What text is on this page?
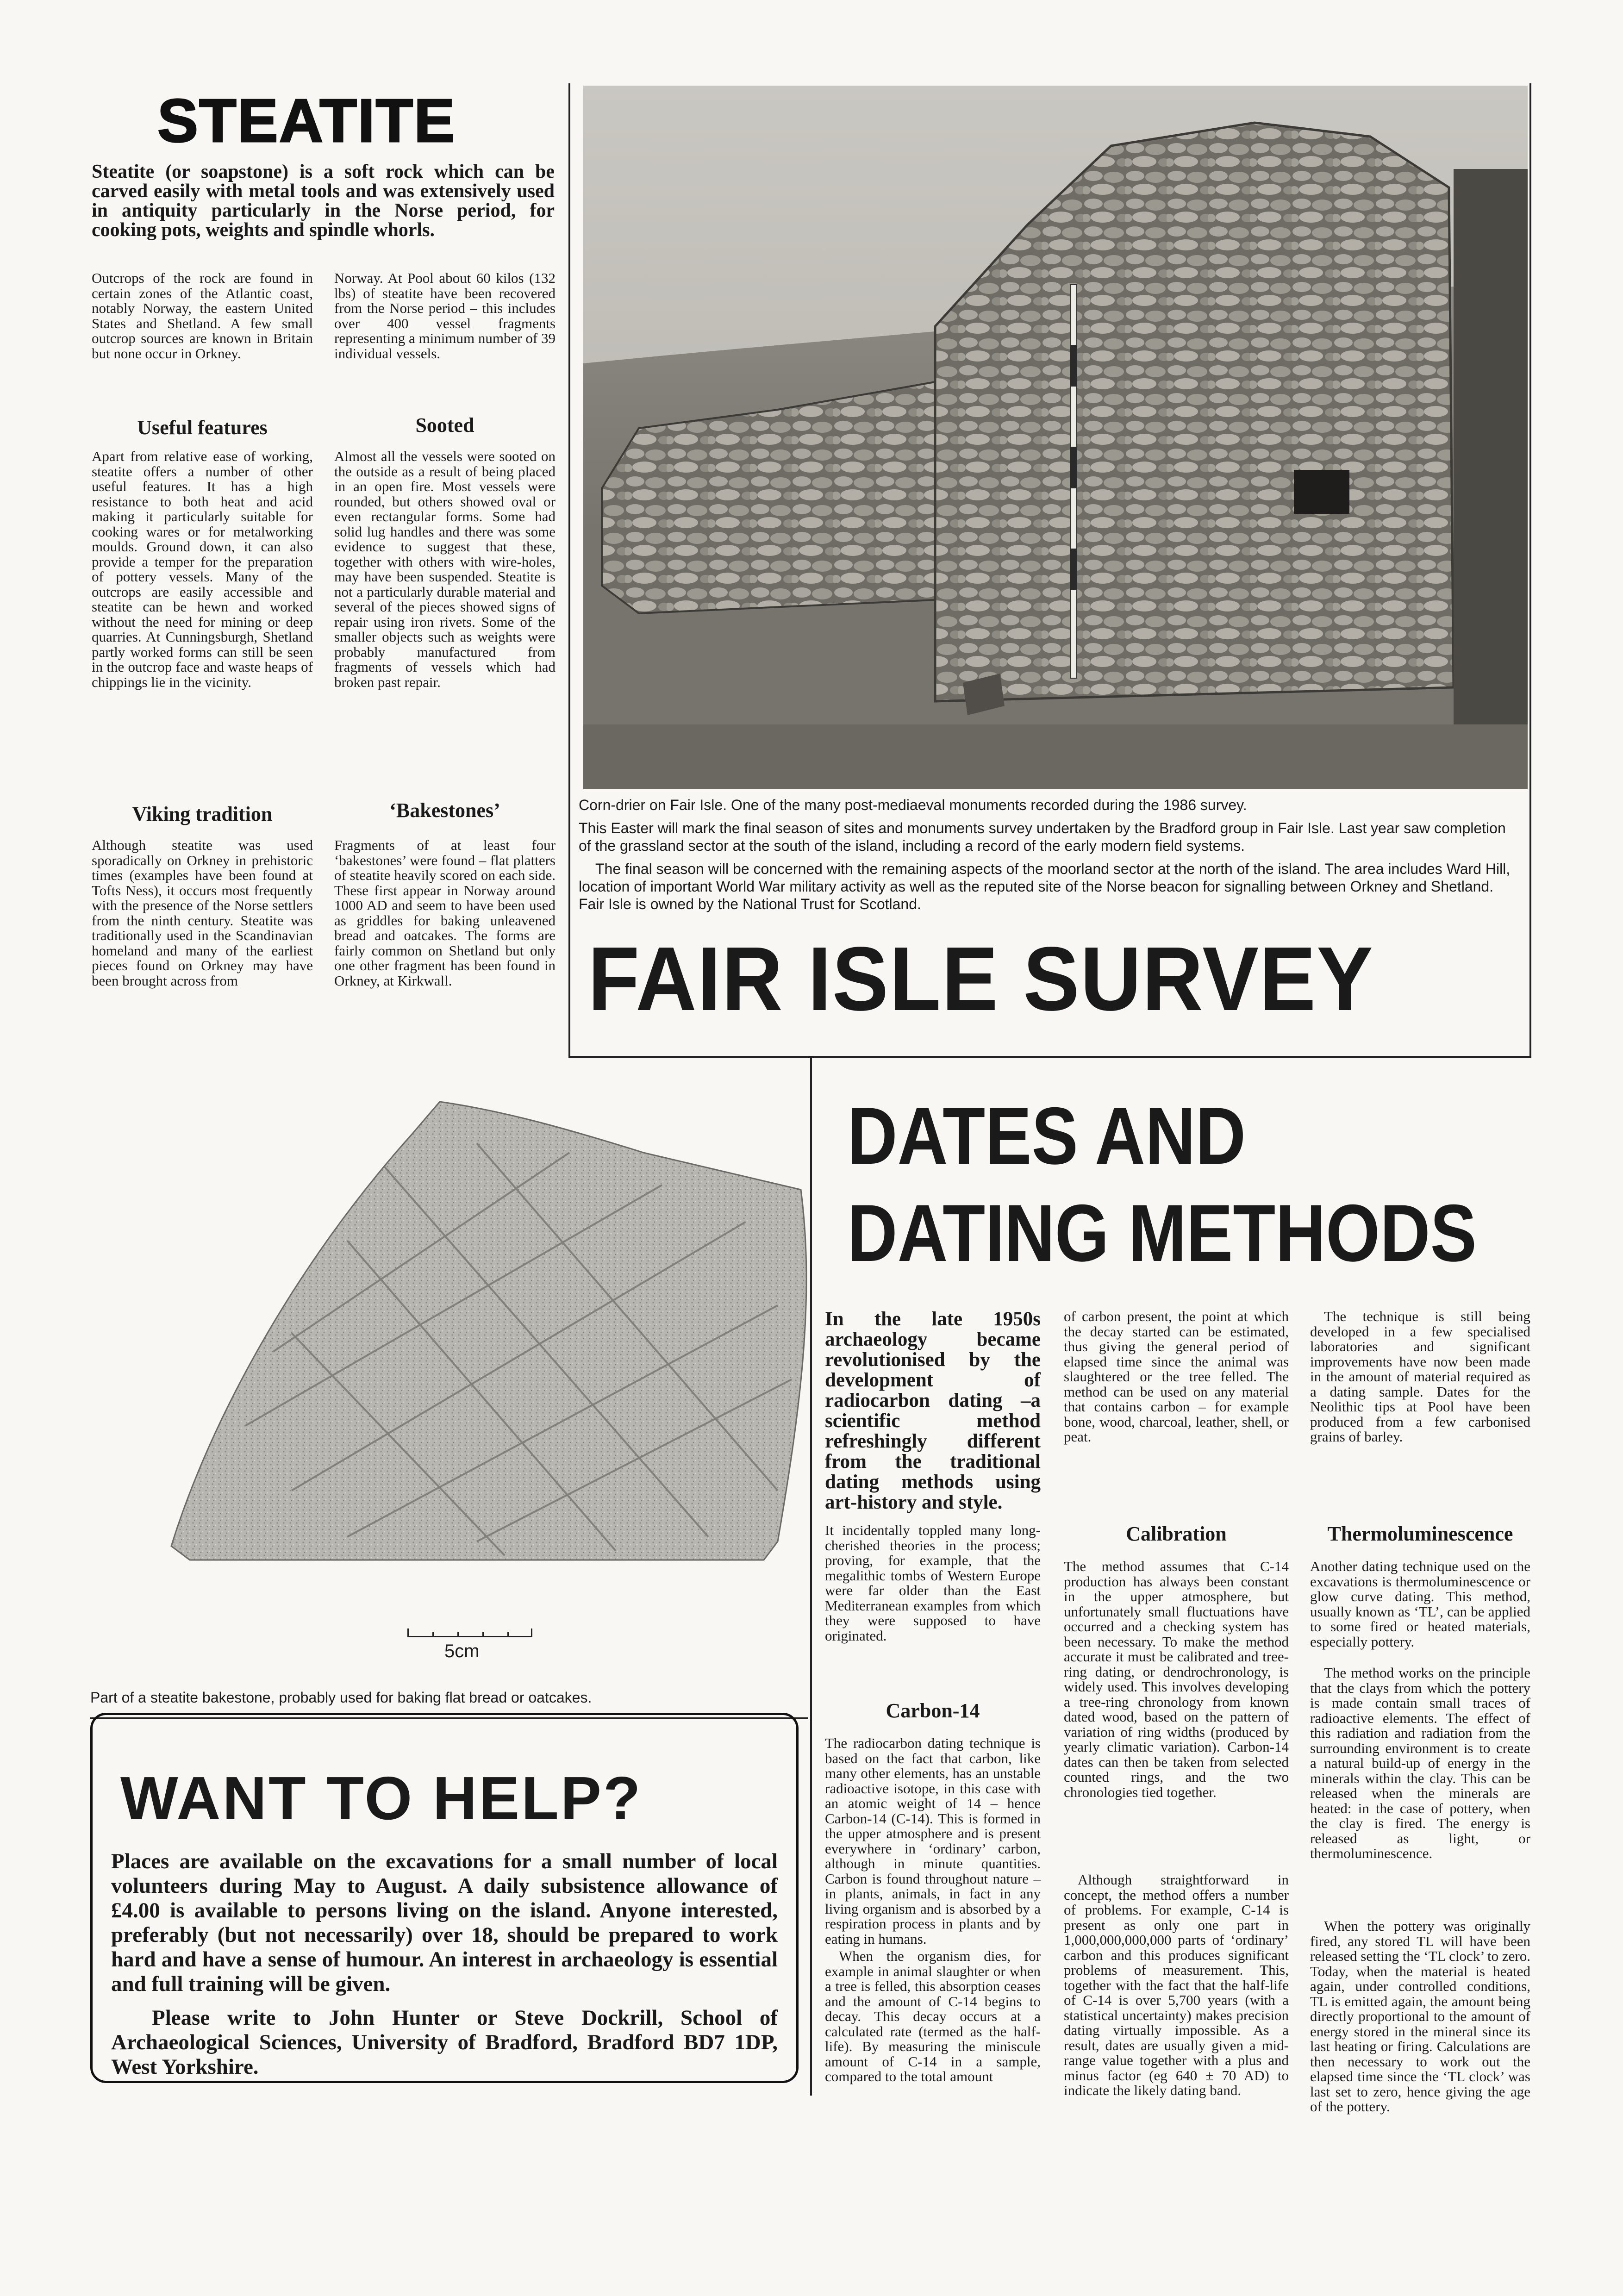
STEATITE
Steatite (or soapstone) is a soft rock which can be carved easily with metal tools and was extensively used in antiquity particularly in the Norse period, for cooking pots, weights and spindle whorls.
Outcrops of the rock are found in certain zones of the Atlantic coast, notably Norway, the eastern United States and Shetland. A few small outcrop sources are known in Britain but none occur in Orkney.
Norway. At Pool about 60 kilos (132 lbs) of steatite have been recovered from the Norse period – this includes over 400 vessel fragments representing a minimum number of 39 individual vessels.
Useful features
Apart from relative ease of working, steatite offers a number of other useful features. It has a high resistance to both heat and acid making it particularly suitable for cooking wares or for metalworking moulds. Ground down, it can also provide a temper for the preparation of pottery vessels. Many of the outcrops are easily accessible and steatite can be hewn and worked without the need for mining or deep quarries. At Cunningsburgh, Shetland partly worked forms can still be seen in the outcrop face and waste heaps of chippings lie in the vicinity.
Sooted
Almost all the vessels were sooted on the outside as a result of being placed in an open fire. Most vessels were rounded, but others showed oval or even rectangular forms. Some had solid lug handles and there was some evidence to suggest that these, together with others with wire-holes, may have been suspended. Steatite is not a particularly durable material and several of the pieces showed signs of repair using iron rivets. Some of the smaller objects such as weights were probably manufactured from fragments of vessels which had broken past repair.
Viking tradition
Although steatite was used sporadically on Orkney in prehistoric times (examples have been found at Tofts Ness), it occurs most frequently with the presence of the Norse settlers from the ninth century. Steatite was traditionally used in the Scandinavian homeland and many of the earliest pieces found on Orkney may have been brought across from
‘Bakestones’
Fragments of at least four ‘bakestones’ were found – flat platters of steatite heavily scored on each side. These first appear in Norway around 1000 AD and seem to have been used as griddles for baking unleavened bread and oatcakes. The forms are fairly common on Shetland but only one other fragment has been found in Orkney, at Kirkwall.
Corn-drier on Fair Isle. One of the many post-mediaeval monuments recorded during the 1986 survey.
This Easter will mark the final season of sites and monuments survey undertaken by the Bradford group in Fair Isle. Last year saw completion of the grassland sector at the south of the island, including a record of the early modern field systems.
The final season will be concerned with the remaining aspects of the moorland sector at the north of the island. The area includes Ward Hill, location of important World War military activity as well as the reputed site of the Norse beacon for signalling between Orkney and Shetland. Fair Isle is owned by the National Trust for Scotland.
FAIR ISLE SURVEY
5cm
Part of a steatite bakestone, probably used for baking flat bread or oatcakes.
WANT TO HELP?
Places are available on the excavations for a small number of local volunteers during May to August. A daily subsistence allowance of £4.00 is available to persons living on the island. Anyone interested, preferably (but not necessarily) over 18, should be prepared to work hard and have a sense of humour. An interest in archaeology is essential and full training will be given.
Please write to John Hunter or Steve Dockrill, School of Archaeological Sciences, University of Bradford, Bradford BD7 1DP, West Yorkshire.
DATES AND
DATING METHODS
In the late 1950s archaeology became revolutionised by the development of radiocarbon dating –a scientific method refreshingly different from the traditional dating methods using art-history and style.
It incidentally toppled many long-cherished theories in the process; proving, for example, that the megalithic tombs of Western Europe were far older than the East Mediterranean examples from which they were supposed to have originated.
Carbon-14
The radiocarbon dating technique is based on the fact that carbon, like many other elements, has an unstable radioactive isotope, in this case with an atomic weight of 14 – hence Carbon-14 (C-14). This is formed in the upper atmosphere and is present everywhere in ‘ordinary’ carbon, although in minute quantities. Carbon is found throughout nature – in plants, animals, in fact in any living organism and is absorbed by a respiration process in plants and by eating in humans.
When the organism dies, for example in animal slaughter or when a tree is felled, this absorption ceases and the amount of C-14 begins to decay. This decay occurs at a calculated rate (termed as the half-life). By measuring the miniscule amount of C-14 in a sample, compared to the total amount
of carbon present, the point at which the decay started can be estimated, thus giving the general period of elapsed time since the animal was slaughtered or the tree felled. The method can be used on any material that contains carbon – for example bone, wood, charcoal, leather, shell, or peat.
Calibration
The method assumes that C-14 production has always been constant in the upper atmosphere, but unfortunately small fluctuations have occurred and a checking system has been necessary. To make the method accurate it must be calibrated and tree-ring dating, or dendrochronology, is widely used. This involves developing a tree-ring chronology from known dated wood, based on the pattern of variation of ring widths (produced by yearly climatic variation). Carbon-14 dates can then be taken from selected counted rings, and the two chronologies tied together.
Although straightforward in concept, the method offers a number of problems. For example, C-14 is present as only one part in 1,000,000,000,000 parts of ‘ordinary’ carbon and this produces significant problems of measurement. This, together with the fact that the half-life of C-14 is over 5,700 years (with a statistical uncertainty) makes precision dating virtually impossible. As a result, dates are usually given a mid-range value together with a plus and minus factor (eg 640 ± 70 AD) to indicate the likely dating band.
The technique is still being developed in a few specialised laboratories and significant improvements have now been made in the amount of material required as a dating sample. Dates for the Neolithic tips at Pool have been produced from a few carbonised grains of barley.
Thermoluminescence
Another dating technique used on the excavations is thermoluminescence or glow curve dating. This method, usually known as ‘TL’, can be applied to some fired or heated materials, especially pottery.
The method works on the principle that the clays from which the pottery is made contain small traces of radioactive elements. The effect of this radiation and radiation from the surrounding environment is to create a natural build-up of energy in the minerals within the clay. This can be released when the minerals are heated: in the case of pottery, when the clay is fired. The energy is released as light, or thermoluminescence.
When the pottery was originally fired, any stored TL will have been released setting the ‘TL clock’ to zero. Today, when the material is heated again, under controlled conditions, TL is emitted again, the amount being directly proportional to the amount of energy stored in the mineral since its last heating or firing. Calculations are then necessary to work out the elapsed time since the ‘TL clock’ was last set to zero, hence giving the age of the pottery.
